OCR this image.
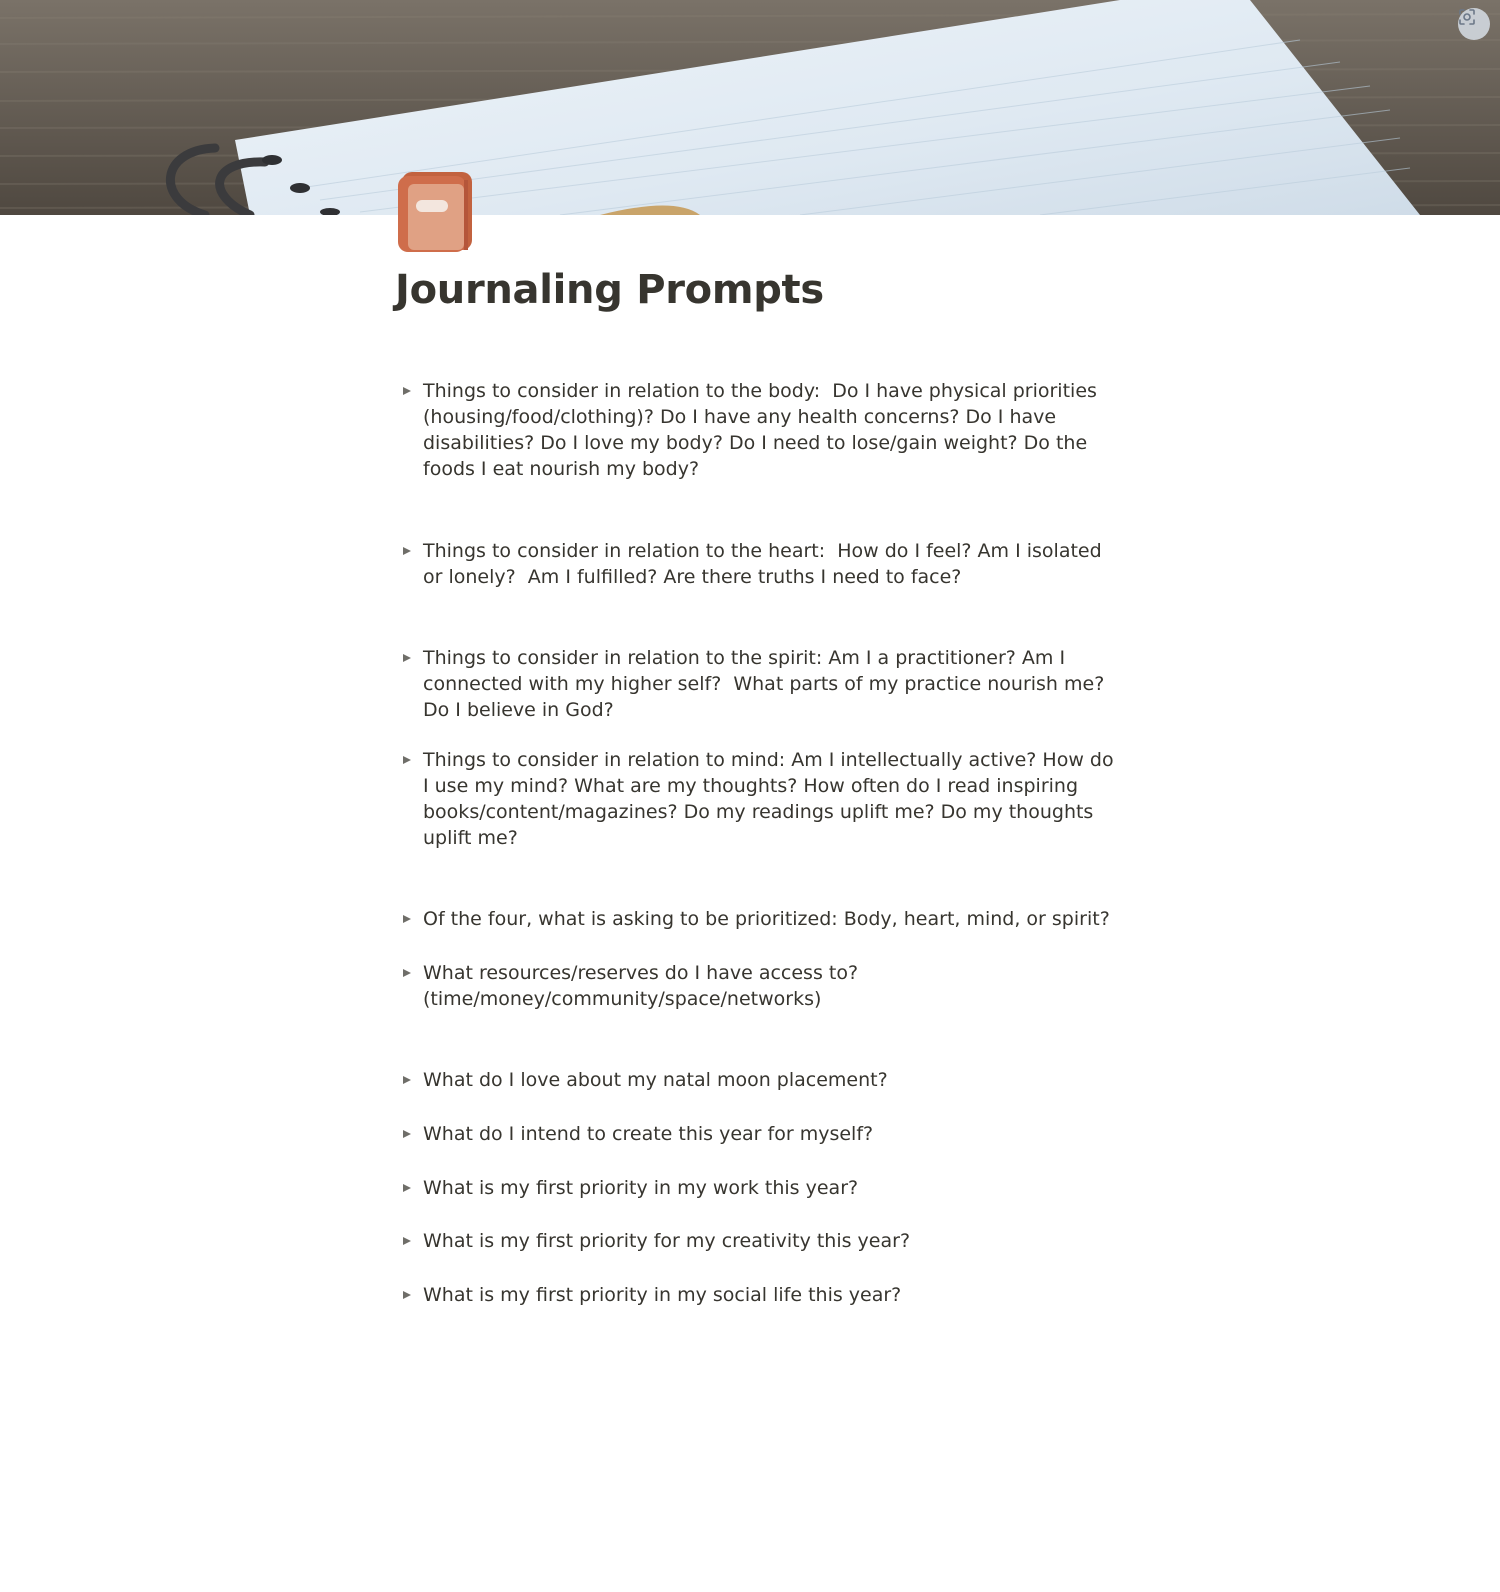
Journaling Prompts
Things to consider in relation to the body:  Do I have physical priorities (housing/food/clothing)? Do I have any health concerns? Do I have disabilities? Do I love my body? Do I need to lose/gain weight? Do the foods I eat nourish my body?
Things to consider in relation to the heart:  How do I feel? Am I isolated or lonely?  Am I fulfilled? Are there truths I need to face?
Things to consider in relation to the spirit: Am I a practitioner? Am I connected with my higher self?  What parts of my practice nourish me? Do I believe in God?
Things to consider in relation to mind: Am I intellectually active? How do I use my mind? What are my thoughts? How often do I read inspiring books/content/magazines? Do my readings uplift me? Do my thoughts uplift me?
Of the four, what is asking to be prioritized: Body, heart, mind, or spirit?
What resources/reserves do I have access to? (time/money/community/space/networks)
What do I love about my natal moon placement?
What do I intend to create this year for myself?
What is my first priority in my work this year?
What is my first priority for my creativity this year?
What is my first priority in my social life this year?
